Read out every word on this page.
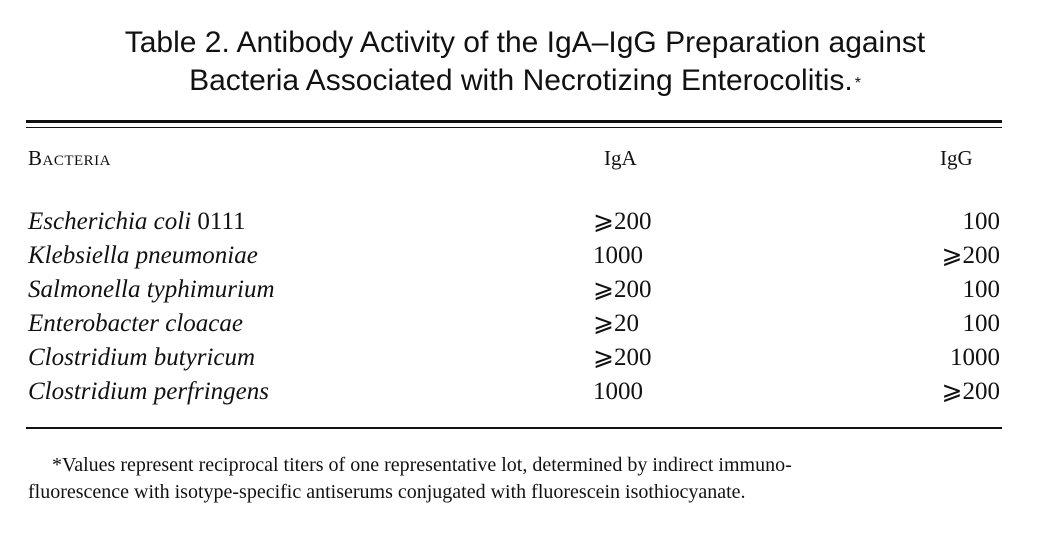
Table 2. Antibody Activity of the IgA–IgG Preparation against
Bacteria Associated with Necrotizing Enterocolitis. *
Bacteria	IgA	IgG
Escherichia coli 0111	⩾200	100
Klebsiella pneumoniae	1000	⩾200
Salmonella typhimurium	⩾200	100
Enterobacter cloacae	⩾20	100
Clostridium butyricum	⩾200	1000
Clostridium perfringens	1000	⩾200
*Values represent reciprocal titers of one representative lot, determined by indirect immuno-
fluorescence with isotype-specific antiserums conjugated with fluorescein isothiocyanate.
